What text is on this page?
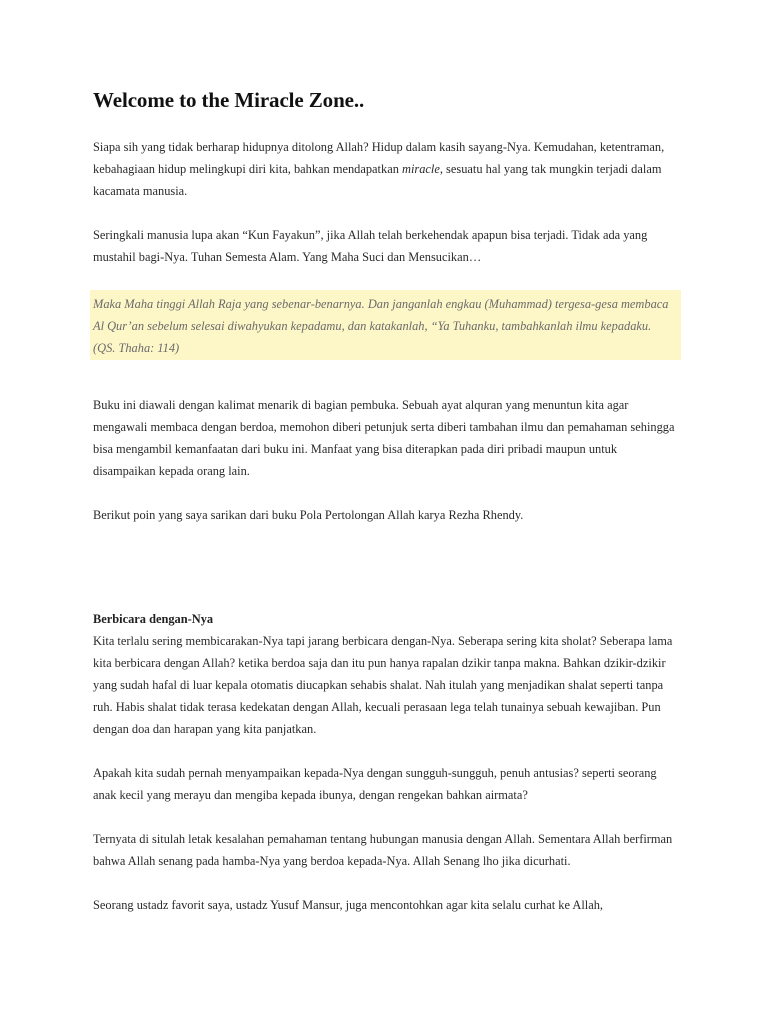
Welcome to the Miracle Zone..

Siapa sih yang tidak berharap hidupnya ditolong Allah? Hidup dalam kasih sayang-Nya. Kemudahan, ketentraman, kebahagiaan hidup melingkupi diri kita, bahkan mendapatkan miracle, sesuatu hal yang tak mungkin terjadi dalam kacamata manusia.

Seringkali manusia lupa akan “Kun Fayakun”, jika Allah telah berkehendak apapun bisa terjadi. Tidak ada yang mustahil bagi-Nya. Tuhan Semesta Alam. Yang Maha Suci dan Mensucikan…

Maka Maha tinggi Allah Raja yang sebenar-benarnya. Dan janganlah engkau (Muhammad) tergesa-gesa membaca Al Qur’an sebelum selesai diwahyukan kepadamu, dan katakanlah, “Ya Tuhanku, tambahkanlah ilmu kepadaku.
(QS. Thaha: 114)

Buku ini diawali dengan kalimat menarik di bagian pembuka. Sebuah ayat alquran yang menuntun kita agar mengawali membaca dengan berdoa, memohon diberi petunjuk serta diberi tambahan ilmu dan pemahaman sehingga bisa mengambil kemanfaatan dari buku ini. Manfaat yang bisa diterapkan pada diri pribadi maupun untuk disampaikan kepada orang lain.

Berikut poin yang saya sarikan dari buku Pola Pertolongan Allah karya Rezha Rhendy.

Berbicara dengan-Nya

Kita terlalu sering membicarakan-Nya tapi jarang berbicara dengan-Nya. Seberapa sering kita sholat? Seberapa lama kita berbicara dengan Allah? ketika berdoa saja dan itu pun hanya rapalan dzikir tanpa makna. Bahkan dzikir-dzikir yang sudah hafal di luar kepala otomatis diucapkan sehabis shalat. Nah itulah yang menjadikan shalat seperti tanpa ruh. Habis shalat tidak terasa kedekatan dengan Allah, kecuali perasaan lega telah tunainya sebuah kewajiban. Pun dengan doa dan harapan yang kita panjatkan.

Apakah kita sudah pernah menyampaikan kepada-Nya dengan sungguh-sungguh, penuh antusias? seperti seorang anak kecil yang merayu dan mengiba kepada ibunya, dengan rengekan bahkan airmata?

Ternyata di situlah letak kesalahan pemahaman tentang hubungan manusia dengan Allah. Sementara Allah berfirman bahwa Allah senang pada hamba-Nya yang berdoa kepada-Nya. Allah Senang lho jika dicurhati.

Seorang ustadz favorit saya, ustadz Yusuf Mansur, juga mencontohkan agar kita selalu curhat ke Allah,
